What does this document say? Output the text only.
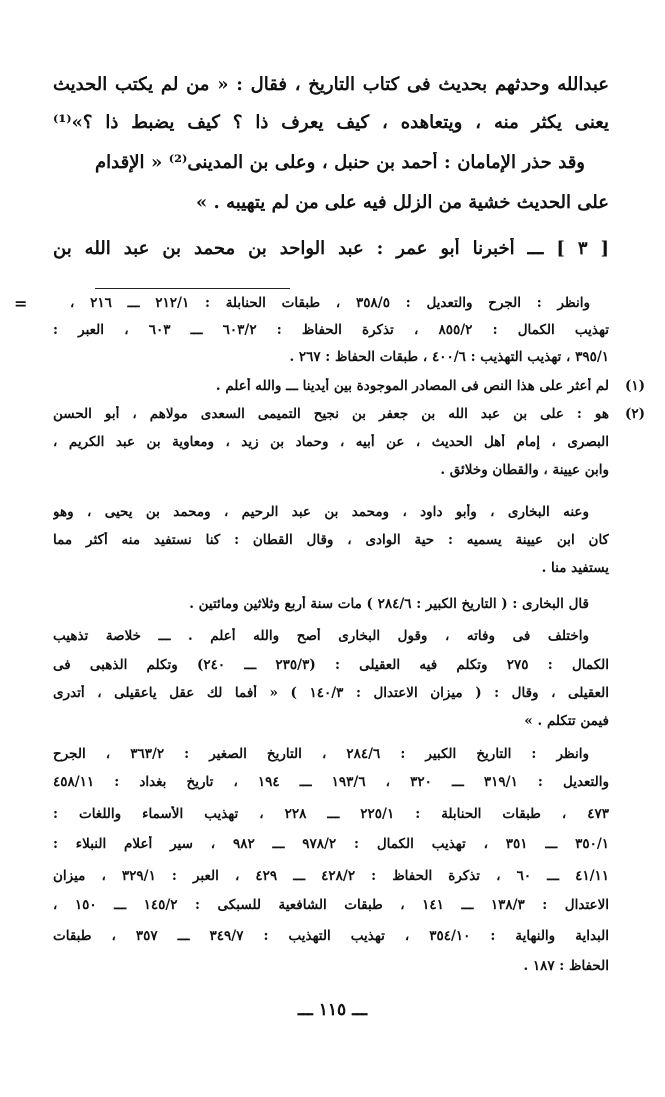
عبدالله وحدثهم بحديث فى كتاب التاريخ ، فقال : « من لم يكتب الحديث
يعنى يكثر منه ، ويتعاهده ، كيف يعرف ذا ؟ كيف يضبط ذا ؟»⁽¹⁾
وقد حذر الإمامان : أحمد بن حنبل ، وعلى بن المدينى⁽²⁾ « الإقدام
على الحديث خشية من الزلل فيه على من لم يتهيبه . »
[ ٣ ] ـــ أخبرنا أبو عمر : عبد الواحد بن محمد بن عبد الله بن
=	وانظر : الجرح والتعديل : ٣٥٨/٥ ، طبقات الحنابلة : ٢١٢/١ ـــ ٢١٦ ،
تهذيب الكمال : ٨٥٥/٢ ، تذكرة الحفاظ : ٦٠٣/٢ ـــ ٦٠٣ ، العبر :
٣٩٥/١ ، تهذيب التهذيب : ٤٠٠/٦ ، طبقات الحفاظ : ٢٦٧ .
(١)
لم أعثر على هذا النص فى المصادر الموجودة بين أيدينا ـــ والله أعلم .
(٢)
هو : على بن عبد الله بن جعفر بن نجيح التميمى السعدى مولاهم ، أبو الحسن
البصرى ، إمام أهل الحديث ، عن أبيه ، وحماد بن زيد ، ومعاوية بن عبد الكريم ،
وابن عيينة ، والقطان وخلائق .
وعنه البخارى ، وأبو داود ، ومحمد بن عبد الرحيم ، ومحمد بن يحيى ، وهو
كان ابن عيينة يسميه : حية الوادى ، وقال القطان : كنا نستفيد منه أكثر مما
يستفيد منا .
قال البخارى : ( التاريخ الكبير : ٢٨٤/٦ ) مات سنة أربع وثلاثين ومائتين .
واختلف فى وفاته ، وقول البخارى أصح والله أعلم . ـــ خلاصة تذهيب
الكمال : ٢٧٥ وتكلم فيه العقيلى : (٢٣٥/٣ ـــ ٢٤٠) وتكلم الذهبى فى
العقيلى ، وقال : ( ميزان الاعتدال : ١٤٠/٣ ) « أفما لك عقل ياعقيلى ، أتدرى
فيمن تتكلم . »
وانظر : التاريخ الكبير : ٢٨٤/٦ ، التاريخ الصغير : ٣٦٣/٢ ، الجرح
والتعديل : ٣١٩/١ ـــ ٣٢٠ ، ١٩٣/٦ ـــ ١٩٤ ، تاريخ بغداد : ٤٥٨/١١
٤٧٣ ، طبقات الحنابلة : ٢٢٥/١ ـــ ٢٢٨ ، تهذيب الأسماء واللغات :
٣٥٠/١ ـــ ٣٥١ ، تهذيب الكمال : ٩٧٨/٢ ـــ ٩٨٢ ، سير أعلام النبلاء :
٤١/١١ ـــ ٦٠ ، تذكرة الحفاظ : ٤٢٨/٢ ـــ ٤٢٩ ، العبر : ٣٢٩/١ ، ميزان
الاعتدال : ١٣٨/٣ ـــ ١٤١ ، طبقات الشافعية للسبكى : ١٤٥/٢ ـــ ١٥٠ ،
البداية والنهاية : ٣٥٤/١٠ ، تهذيب التهذيب : ٣٤٩/٧ ـــ ٣٥٧ ، طبقات
الحفاظ : ١٨٧ .
ـــ ١١٥ ـــ
